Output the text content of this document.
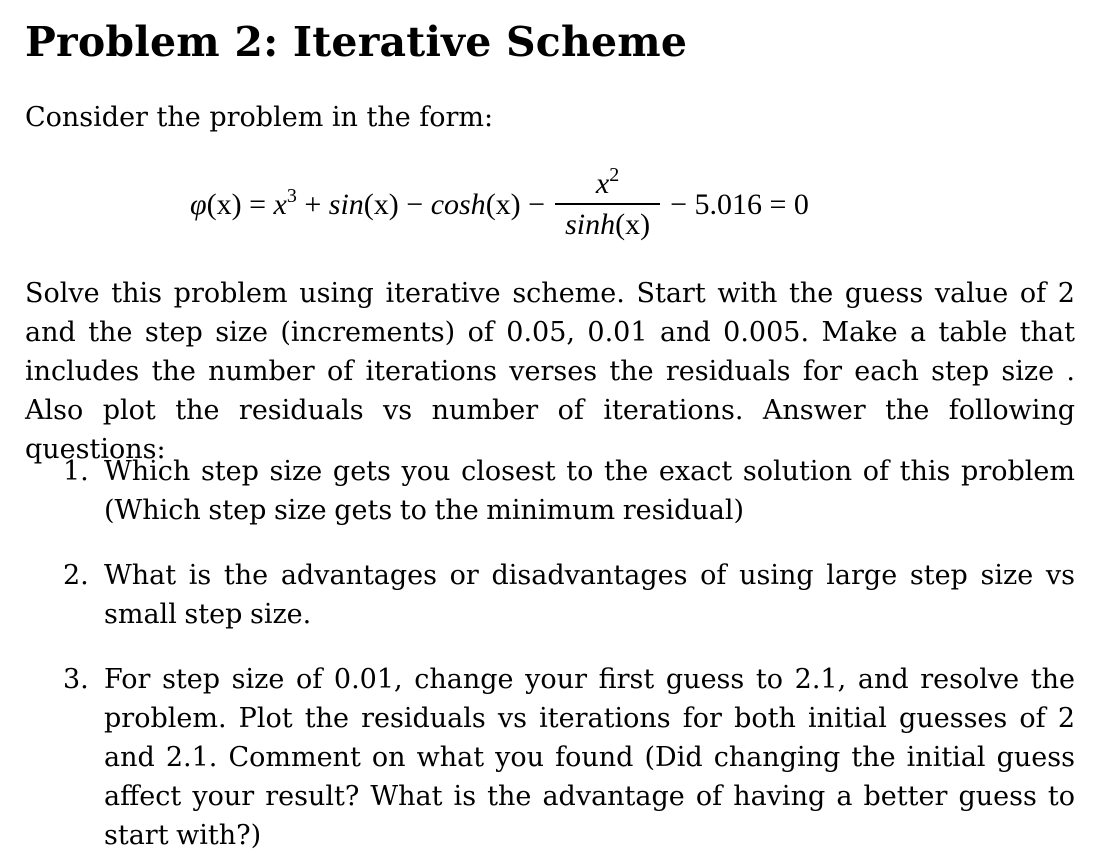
Problem 2: Iterative Scheme

Consider the problem in the form:

$\varphi(x) = x^3 + \sin(x) - \cosh(x) - \frac{x^2}{\sinh(x)} - 5.016 = 0$

Solve this problem using iterative scheme. Start with the guess value of 2 and the step size (increments) of 0.05, 0.01 and 0.005. Make a table that includes the number of iterations verses the residuals for each step size . Also plot the residuals vs number of iterations. Answer the following questions:

1. Which step size gets you closest to the exact solution of this problem (Which step size gets to the minimum residual)
2. What is the advantages or disadvantages of using large step size vs small step size.
3. For step size of 0.01, change your first guess to 2.1, and resolve the problem. Plot the residuals vs iterations for both initial guesses of 2 and 2.1. Comment on what you found (Did changing the initial guess affect your result? What is the advantage of having a better guess to start with?)
